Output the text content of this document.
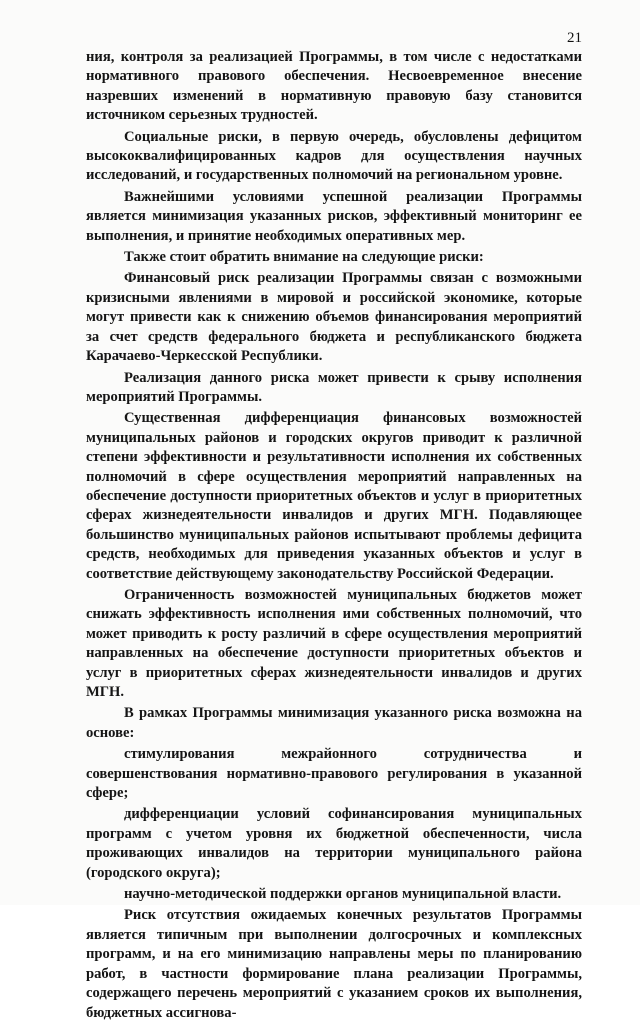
21

ния, контроля за реализацией Программы, в том числе с недостатками нормативного правового обеспечения. Несвоевременное внесение назревших изменений в нормативную правовую базу становится источником серьезных трудностей.

Социальные риски, в первую очередь, обусловлены дефицитом высококвалифицированных кадров для осуществления научных исследований, и государственных полномочий на региональном уровне.

Важнейшими условиями успешной реализации Программы является минимизация указанных рисков, эффективный мониторинг ее выполнения, и принятие необходимых оперативных мер.

Также стоит обратить внимание на следующие риски:

Финансовый риск реализации Программы связан с возможными кризисными явлениями в мировой и российской экономике, которые могут привести как к снижению объемов финансирования мероприятий за счет средств федерального бюджета и республиканского бюджета Карачаево-Черкесской Республики.

Реализация данного риска может привести к срыву исполнения мероприятий Программы.

Существенная дифференциация финансовых возможностей муниципальных районов и городских округов приводит к различной степени эффективности и результативности исполнения их собственных полномочий в сфере осуществления мероприятий направленных на обеспечение доступности приоритетных объектов и услуг в приоритетных сферах жизнедеятельности инвалидов и других МГН. Подавляющее большинство муниципальных районов испытывают проблемы дефицита средств, необходимых для приведения указанных объектов и услуг в соответствие действующему законодательству Российской Федерации.

Ограниченность возможностей муниципальных бюджетов может снижать эффективность исполнения ими собственных полномочий, что может приводить к росту различий в сфере осуществления мероприятий направленных на обеспечение доступности приоритетных объектов и услуг в приоритетных сферах жизнедеятельности инвалидов и других МГН.

В рамках Программы минимизация указанного риска возможна на основе:

стимулирования межрайонного сотрудничества и совершенствования нормативно-правового регулирования в указанной сфере;

дифференциации условий софинансирования муниципальных программ с учетом уровня их бюджетной обеспеченности, числа проживающих инвалидов на территории муниципального района (городского округа);

научно-методической поддержки органов муниципальной власти.

Риск отсутствия ожидаемых конечных результатов Программы является типичным при выполнении долгосрочных и комплексных программ, и на его минимизацию направлены меры по планированию работ, в частности формирование плана реализации Программы, содержащего перечень мероприятий с указанием сроков их выполнения, бюджетных ассигнова-
